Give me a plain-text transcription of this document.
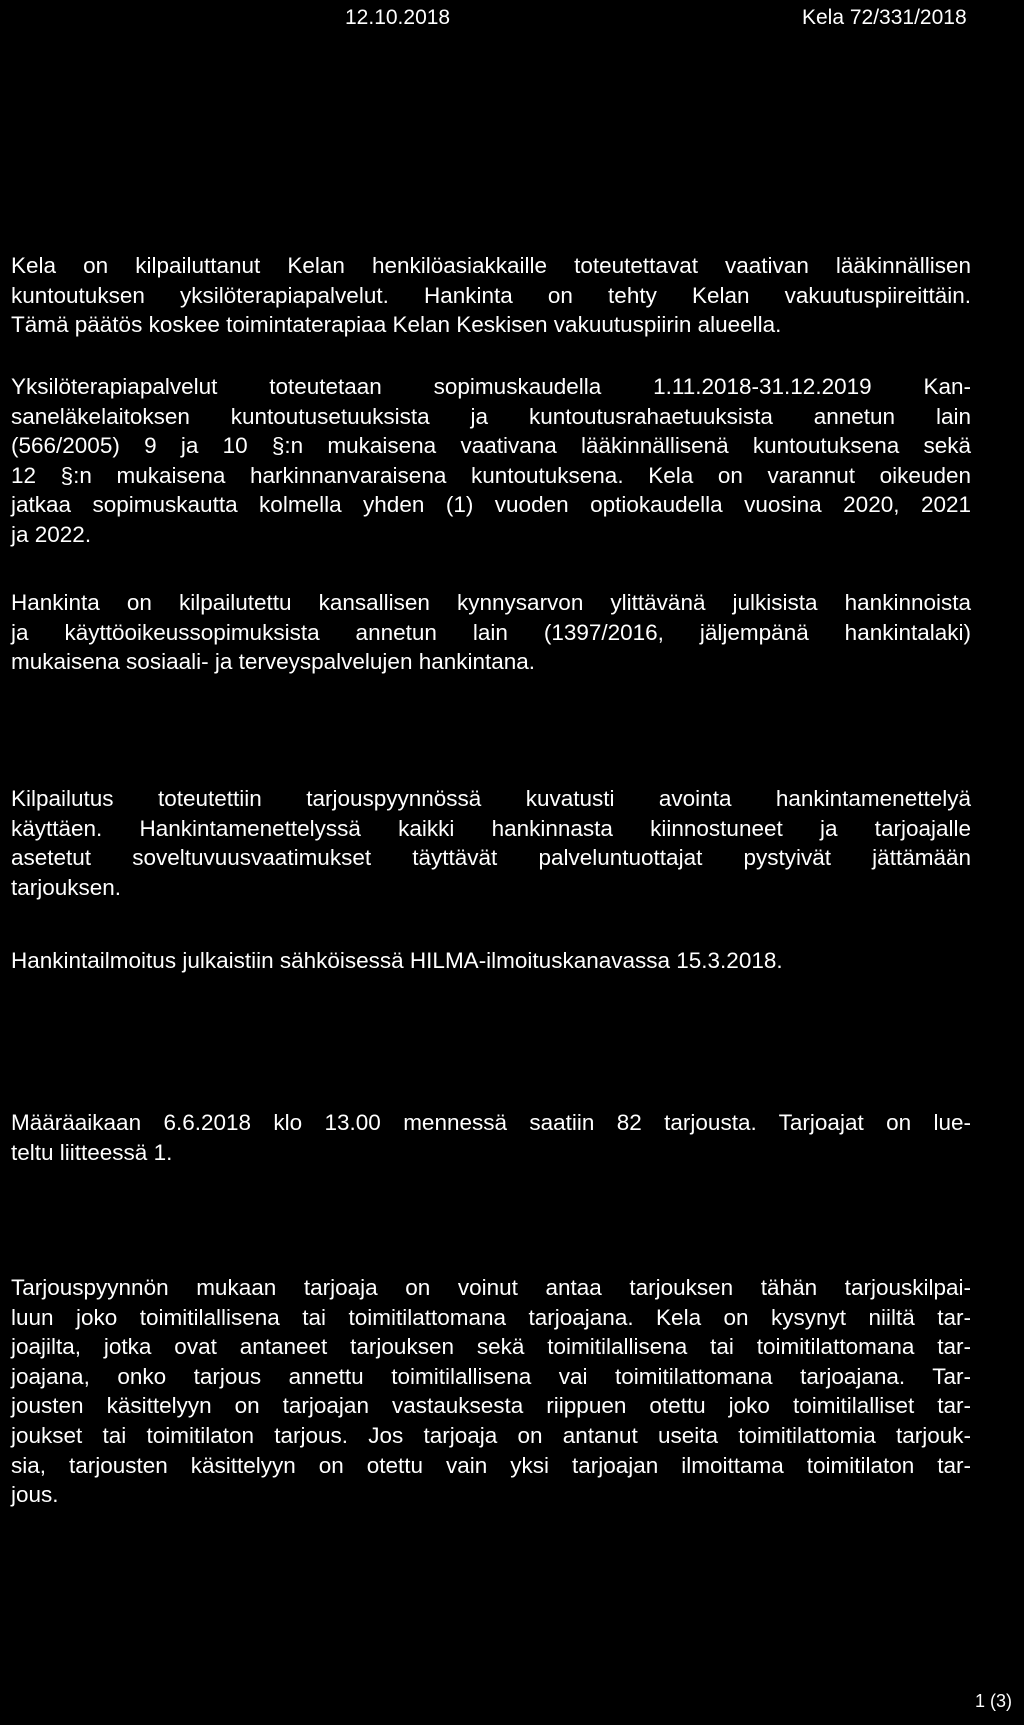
12.10.2018	Kela 72/331/2018
Kela on kilpailuttanut Kelan henkilöasiakkaille toteutettavat vaativan lääkinnällisen
kuntoutuksen yksilöterapiapalvelut. Hankinta on tehty Kelan vakuutuspiireittäin.
Tämä päätös koskee toimintaterapiaa Kelan Keskisen vakuutuspiirin alueella.
Yksilöterapiapalvelut toteutetaan sopimuskaudella 1.11.2018-31.12.2019 Kan-
saneläkelaitoksen kuntoutusetuuksista ja kuntoutusrahaetuuksista annetun lain
(566/2005) 9 ja 10 §:n mukaisena vaativana lääkinnällisenä kuntoutuksena sekä
12 §:n mukaisena harkinnanvaraisena kuntoutuksena. Kela on varannut oikeuden
jatkaa sopimuskautta kolmella yhden (1) vuoden optiokaudella vuosina 2020, 2021
ja 2022.
Hankinta on kilpailutettu kansallisen kynnysarvon ylittävänä julkisista hankinnoista
ja käyttöoikeussopimuksista annetun lain (1397/2016, jäljempänä hankintalaki)
mukaisena sosiaali- ja terveyspalvelujen hankintana.
Kilpailutus toteutettiin tarjouspyynnössä kuvatusti avointa hankintamenettelyä
käyttäen. Hankintamenettelyssä kaikki hankinnasta kiinnostuneet ja tarjoajalle
asetetut soveltuvuusvaatimukset täyttävät palveluntuottajat pystyivät jättämään
tarjouksen.
Hankintailmoitus julkaistiin sähköisessä HILMA-ilmoituskanavassa 15.3.2018.
Määräaikaan 6.6.2018 klo 13.00 mennessä saatiin 82 tarjousta. Tarjoajat on lue-
teltu liitteessä 1.
Tarjouspyynnön mukaan tarjoaja on voinut antaa tarjouksen tähän tarjouskilpai-
luun joko toimitilallisena tai toimitilattomana tarjoajana. Kela on kysynyt niiltä tar-
joajilta, jotka ovat antaneet tarjouksen sekä toimitilallisena tai toimitilattomana tar-
joajana, onko tarjous annettu toimitilallisena vai toimitilattomana tarjoajana. Tar-
jousten käsittelyyn on tarjoajan vastauksesta riippuen otettu joko toimitilalliset tar-
joukset tai toimitilaton tarjous. Jos tarjoaja on antanut useita toimitilattomia tarjouk-
sia, tarjousten käsittelyyn on otettu vain yksi tarjoajan ilmoittama toimitilaton tar-
jous.
1 (3)
